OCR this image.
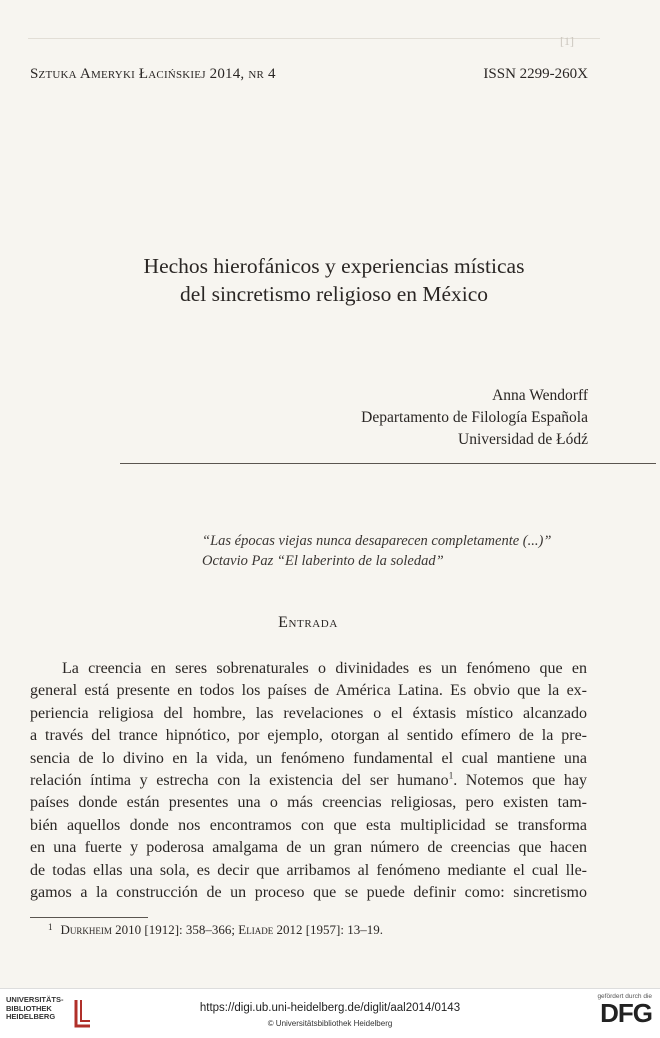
[1]
Sztuka Ameryki Łacińskiej 2014, nr 4	ISSN 2299-260X
Hechos hierofánicos y experiencias místicas
del sincretismo religioso en México
Anna Wendorff
Departamento de Filología Española
Universidad de Łódź
“Las épocas viejas nunca desaparecen completamente (...)”
Octavio Paz “El laberinto de la soledad”
Entrada
La creencia en seres sobrenaturales o divinidades es un fenómeno que en
general está presente en todos los países de América Latina. Es obvio que la ex-
periencia religiosa del hombre, las revelaciones o el éxtasis místico alcanzado
a través del trance hipnótico, por ejemplo, otorgan al sentido efímero de la pre-
sencia de lo divino en la vida, un fenómeno fundamental el cual mantiene una
relación íntima y estrecha con la existencia del ser humano$^1$. Notemos que hay
países donde están presentes una o más creencias religiosas, pero existen tam-
bién aquellos donde nos encontramos con que esta multiplicidad se transforma
en una fuerte y poderosa amalgama de un gran número de creencias que hacen
de todas ellas una sola, es decir que arribamos al fenómeno mediante el cual lle-
gamos a la construcción de un proceso que se puede definir como: sincretismo
$^1$ Durkheim 2010 [1912]: 358–366; Eliade 2012 [1957]: 13–19.
UNIVERSITÄTS-
BIBLIOTHEK
HEIDELBERG
https://digi.ub.uni-heidelberg.de/diglit/aal2014/0143
© Universitätsbibliothek Heidelberg
gefördert durch die
DFG
